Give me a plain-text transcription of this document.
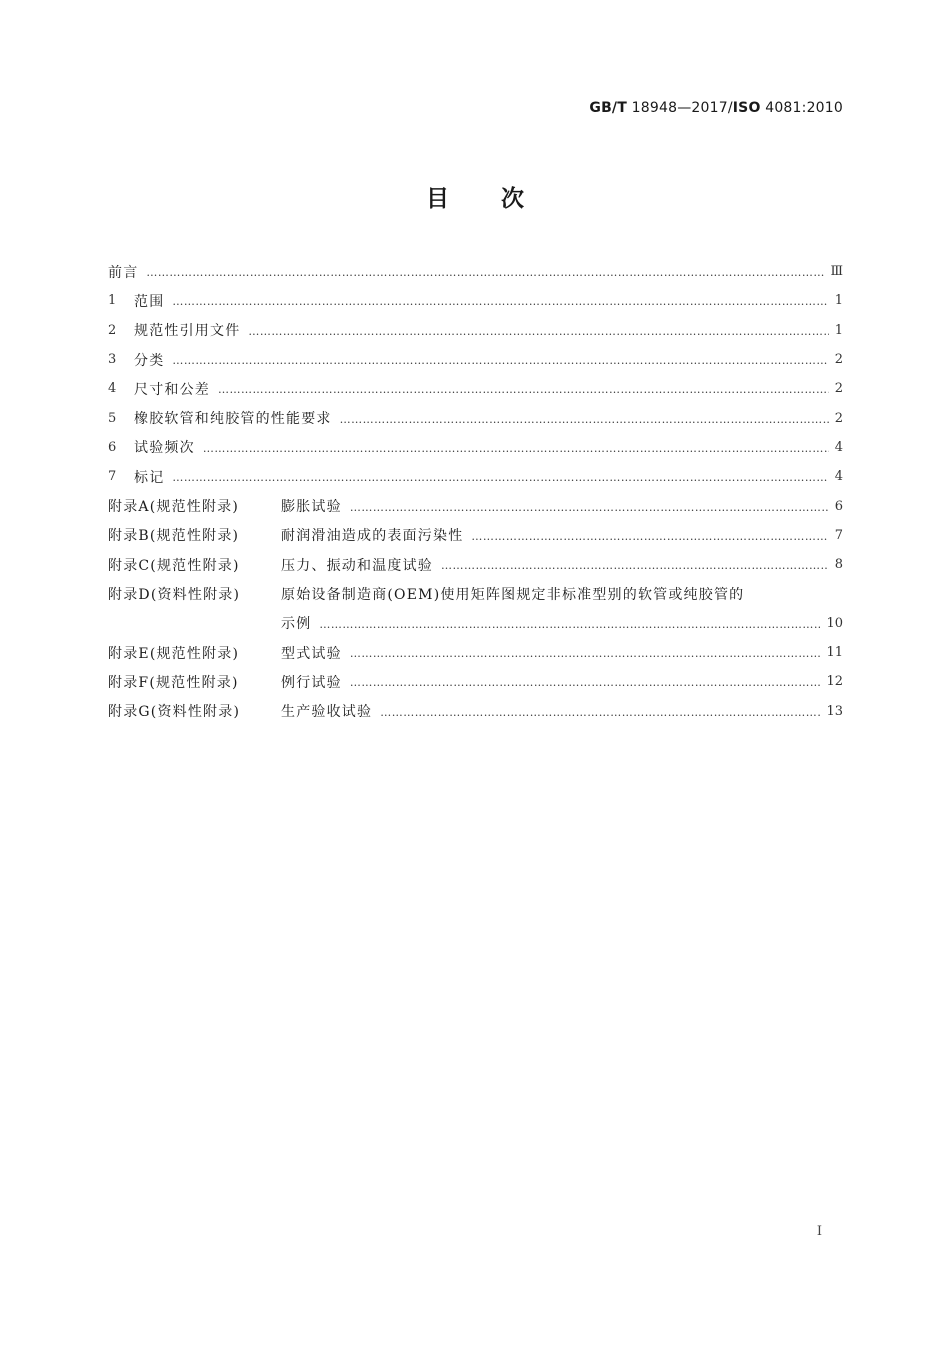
GB/T 18948—2017/ISO 4081:2010
目次
前言 ……………………………………………………………………………………………………………………………………………………………………………………………………………………	Ⅲ
1	范围 ……………………………………………………………………………………………………………………………………………………………………………………………………………………	1
2	规范性引用文件 ……………………………………………………………………………………………………………………………………………………………………………………………………………………	1
3	分类 ……………………………………………………………………………………………………………………………………………………………………………………………………………………	2
4	尺寸和公差 ……………………………………………………………………………………………………………………………………………………………………………………………………………………	2
5	橡胶软管和纯胶管的性能要求 ……………………………………………………………………………………………………………………………………………………………………………………………………………………	2
6	试验频次 ……………………………………………………………………………………………………………………………………………………………………………………………………………………	4
7	标记 ……………………………………………………………………………………………………………………………………………………………………………………………………………………	4
附录A(规范性附录)	膨胀试验 ……………………………………………………………………………………………………………………………………………………………………………………………………………………	6
附录B(规范性附录)	耐润滑油造成的表面污染性 ……………………………………………………………………………………………………………………………………………………………………………………………………………………	7
附录C(规范性附录)	压力、振动和温度试验 ……………………………………………………………………………………………………………………………………………………………………………………………………………………	8
附录D(资料性附录)	原始设备制造商(OEM)使用矩阵图规定非标准型别的软管或纯胶管的
示例 ……………………………………………………………………………………………………………………………………………………………………………………………………………………	10
附录E(规范性附录)	型式试验 ……………………………………………………………………………………………………………………………………………………………………………………………………………………	11
附录F(规范性附录)	例行试验 ……………………………………………………………………………………………………………………………………………………………………………………………………………………	12
附录G(资料性附录)	生产验收试验 ……………………………………………………………………………………………………………………………………………………………………………………………………………………	13
I
